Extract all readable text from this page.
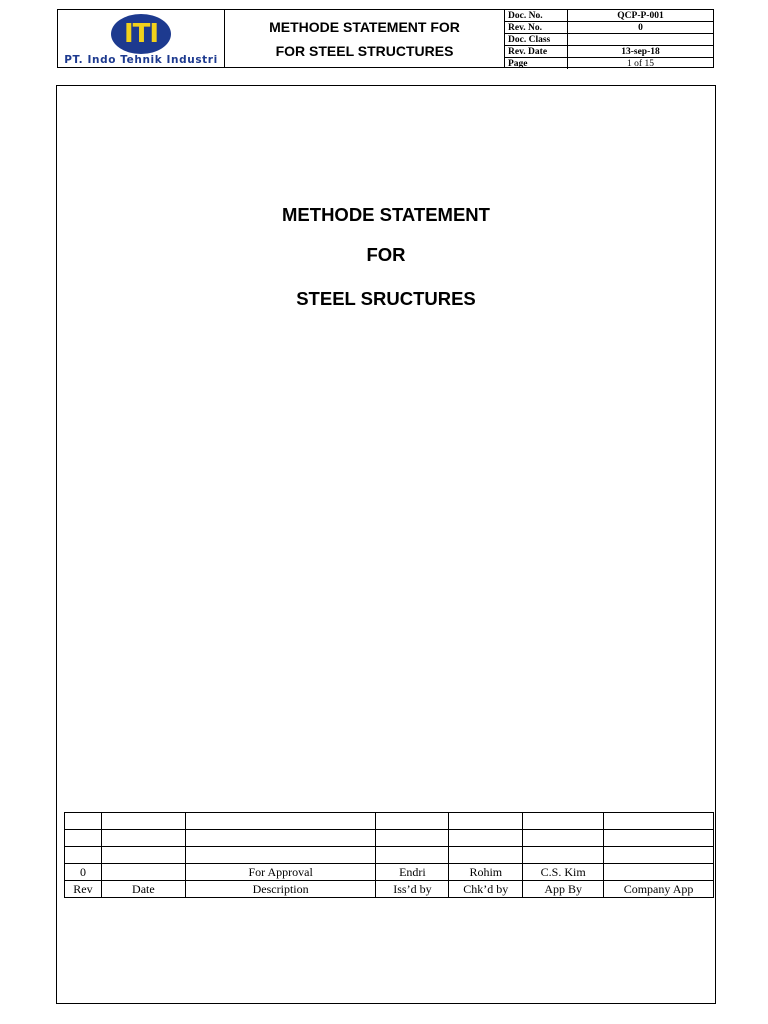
ITI
PT. Indo Tehnik Industri
METHODE STATEMENT FOR
FOR STEEL STRUCTURES
Doc. No.	QCP-P-001
Rev. No.	0
Doc. Class	
Rev. Date	13-sep-18
Page	1 of 15
METHODE STATEMENT
FOR
STEEL SRUCTURES

0		For Approval	Endri	Rohim	C.S. Kim	
Rev	Date	Description	Iss’d by	Chk’d by	App By	Company App
